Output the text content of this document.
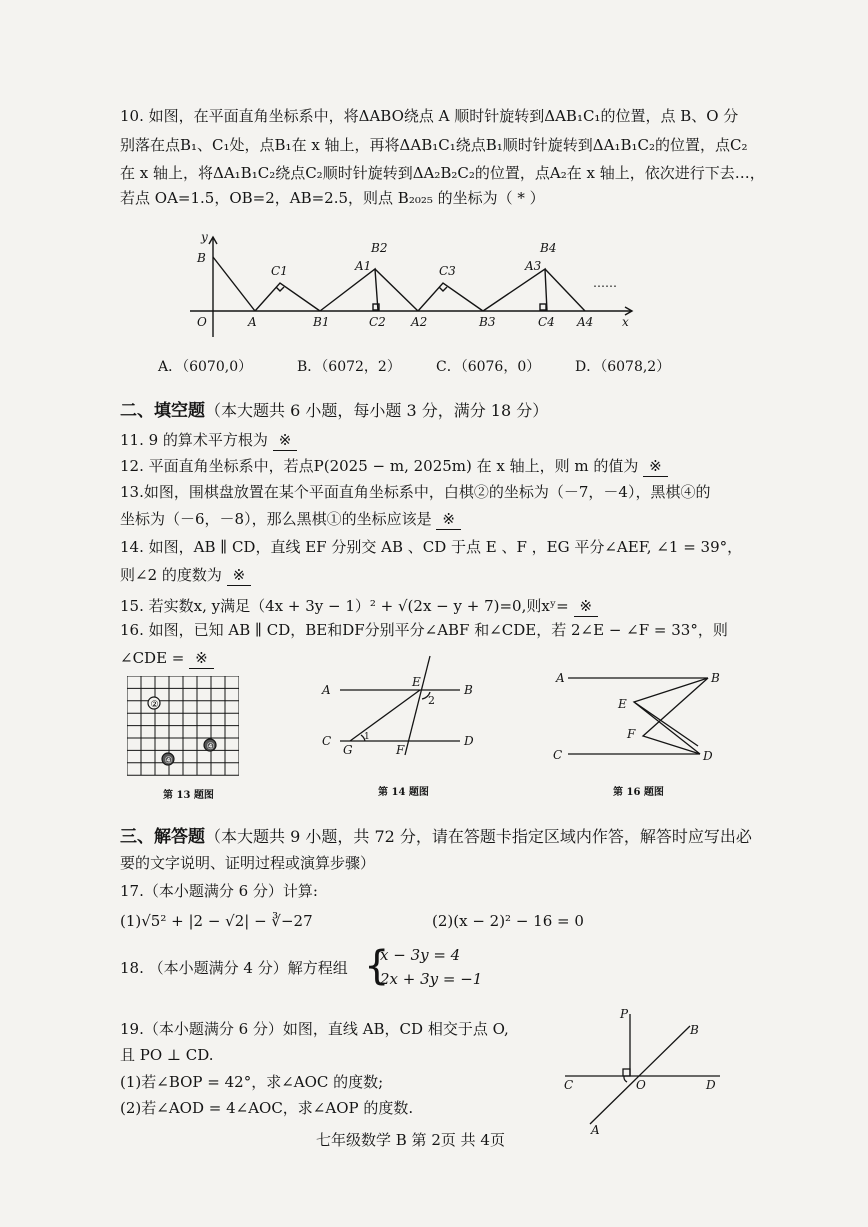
10. 如图，在平面直角坐标系中，将ΔABO绕点 A 顺时针旋转到ΔAB₁C₁的位置，点 B、O 分
别落在点B₁、C₁处，点B₁在 x 轴上，再将ΔAB₁C₁绕点B₁顺时针旋转到ΔA₁B₁C₂的位置，点C₂
在 x 轴上，将ΔA₁B₁C₂绕点C₂顺时针旋转到ΔA₂B₂C₂的位置，点A₂在 x 轴上，依次进行下去…，
若点 OA=1.5，OB=2，AB=2.5，则点 B₂₀₂₅ 的坐标为（ * ）
y
B
O	A
C1
B1
A1
B2
C2 A2
C3
B3
A3
B4
C4 A4 x
……
A．（6070,0）	B．（6072，2）	C．（6076，0） D．（6078,2）
二、填空题（本大题共 6 小题，每小题 3 分，满分 18 分）
11. 9 的算术平方根为 ※
12. 平面直角坐标系中，若点P(2025 − m, 2025m) 在 x 轴上，则 m 的值为 ※
13.如图，围棋盘放置在某个平面直角坐标系中，白棋②的坐标为（－7，－4），黑棋④的
坐标为（－6，－8），那么黑棋①的坐标应该是 ※
14. 如图，AB ∥ CD，直线 EF 分别交 AB 、CD 于点 E 、F ，EG 平分∠AEF, ∠1 = 39°，
则∠2 的度数为 ※
15. 若实数x, y满足（4x + 3y − 1）² + √(2x − y + 7)=0,则xʸ= ※
16. 如图，已知 AB ∥ CD，BE和DF分别平分∠ABF 和∠CDE，若 2∠E − ∠F = 33°，则
∠CDE = ※
②
④
④
第 13 题图
A	B
C	D
E
F
G
1
2
第 14 题图
A	B
C	D
E
F
第 16 题图
三、解答题（本大题共 9 小题，共 72 分，请在答题卡指定区域内作答，解答时应写出必
要的文字说明、证明过程或演算步骤）
17.（本小题满分 6 分）计算:
(1)√5² + |2 − √2| − ∛−27	(2)(x − 2)² − 16 = 0
18. （本小题满分 4 分）解方程组 {
x − 3y = 4
2x + 3y = −1
19.（本小题满分 6 分）如图，直线 AB，CD 相交于点 O,
且 PO ⊥ CD.
(1)若∠BOP = 42°，求∠AOC 的度数;
(2)若∠AOD = 4∠AOC，求∠AOP 的度数.
P
B
C	O	D
A
七年级数学 B 第 2页 共 4页
